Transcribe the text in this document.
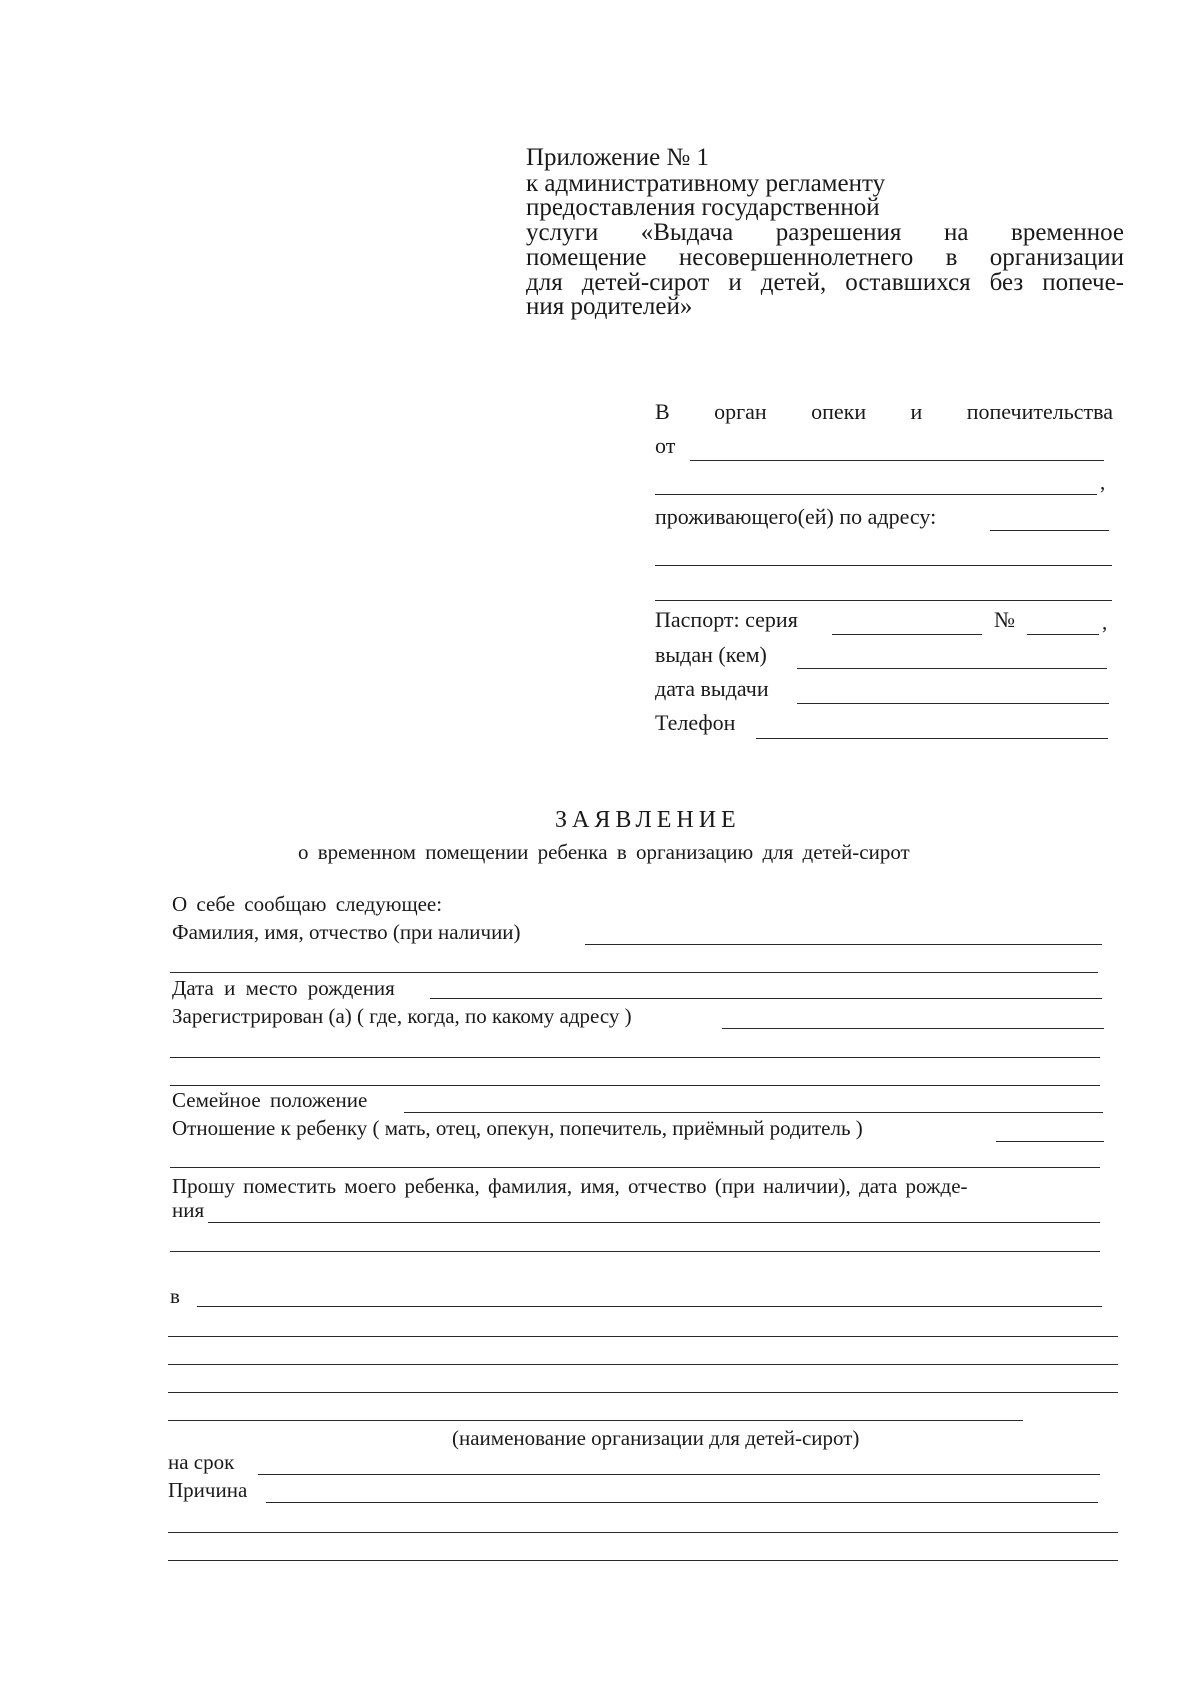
Приложение № 1
к административному регламенту
предоставления государственной
услуги «Выдача разрешения на временное
помещение несовершеннолетнего в организации
для детей-сирот и детей, оставшихся без попече-
ния родителей»
В орган опеки и попечительства
от
,
проживающего(ей) по адресу:
Паспорт: серия	№	,
выдан (кем)
дата выдачи
Телефон
ЗАЯВЛЕНИЕ
о временном помещении ребенка в организацию для детей-сирот
О себе сообщаю следующее:
Фамилия, имя, отчество (при наличии)
Дата и место рождения
Зарегистрирован (а) ( где, когда, по какому адресу )
Семейное положение
Отношение к ребенку ( мать, отец, опекун, попечитель, приёмный родитель )
Прошу поместить моего ребенка, фамилия, имя, отчество (при наличии), дата рожде-
ния
в
(наименование организации для детей-сирот)
на срок
Причина
